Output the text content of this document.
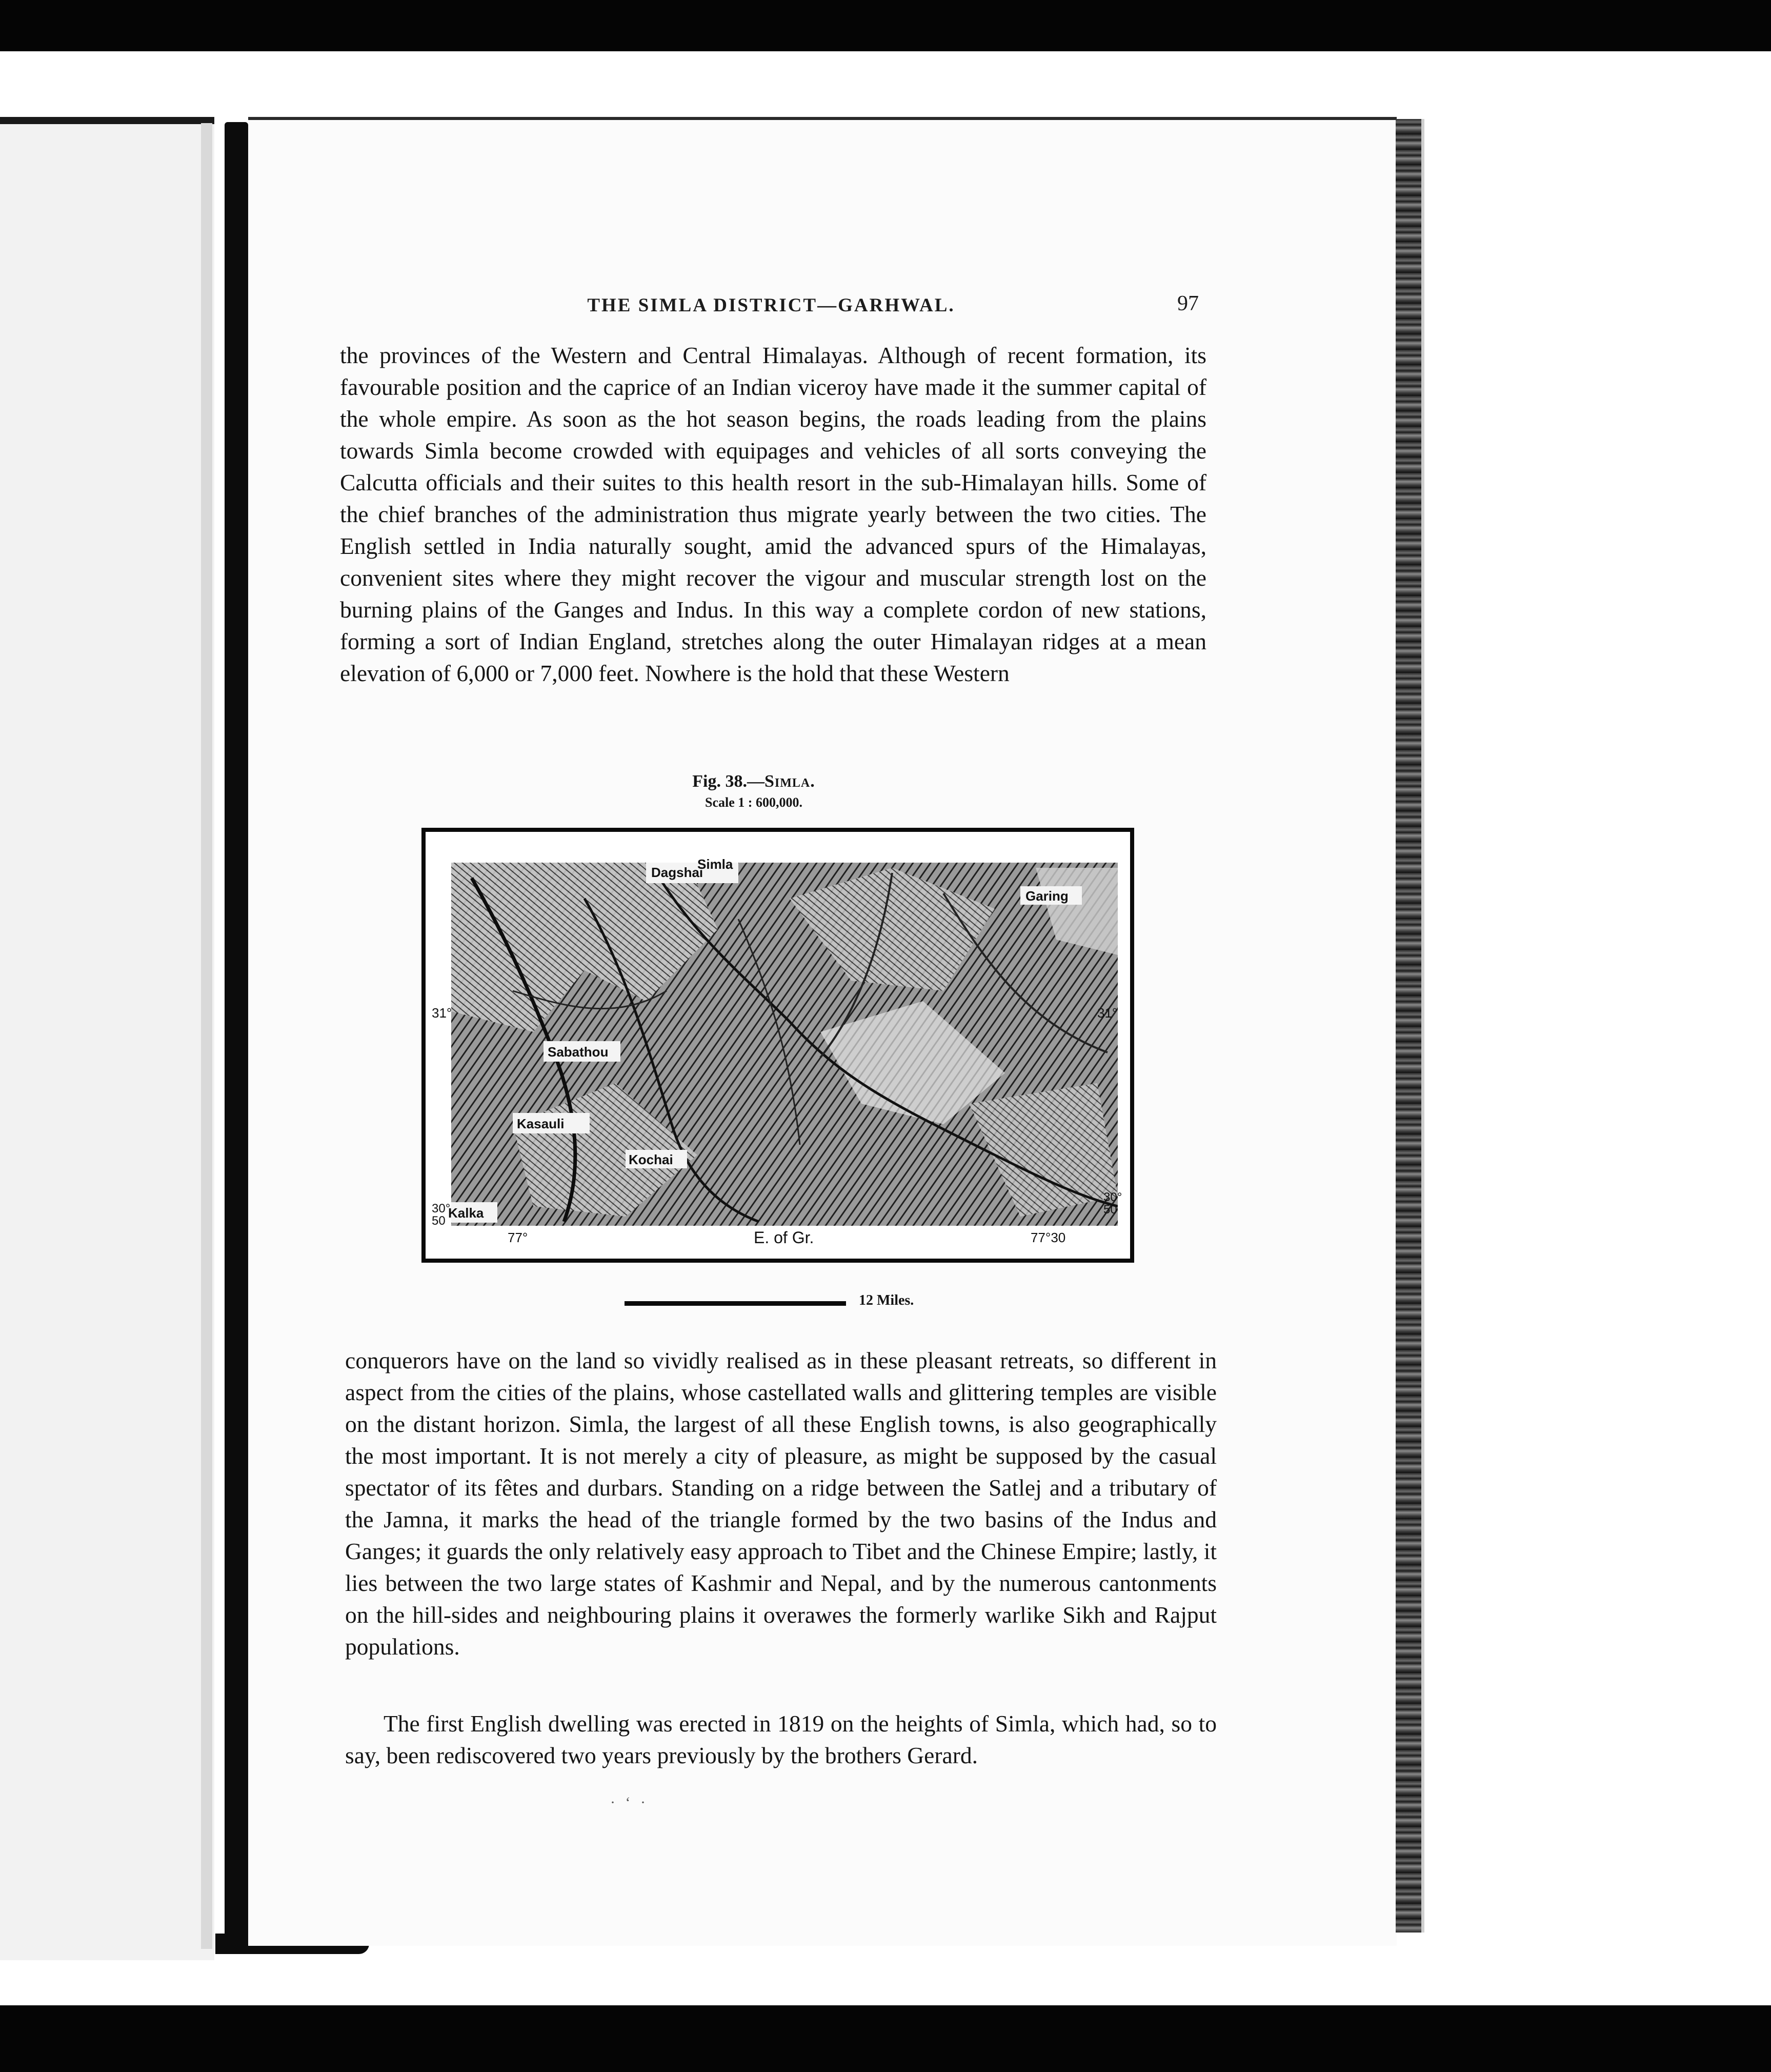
THE SIMLA DISTRICT—GARHWAL.	97
the provinces of the Western and Central Himalayas. Although of recent formation, its favourable position and the caprice of an Indian viceroy have made it the summer capital of the whole empire. As soon as the hot season begins, the roads leading from the plains towards Simla become crowded with equipages and vehicles of all sorts conveying the Calcutta officials and their suites to this health resort in the sub-Himalayan hills. Some of the chief branches of the administration thus migrate yearly between the two cities. The English settled in India naturally sought, amid the advanced spurs of the Himalayas, convenient sites where they might recover the vigour and muscular strength lost on the burning plains of the Ganges and Indus. In this way a complete cordon of new stations, forming a sort of Indian England, stretches along the outer Himalayan ridges at a mean elevation of 6,000 or 7,000 feet. Nowhere is the hold that these Western
Fig. 38.—Simla.
Scale 1 : 600,000.
Dagshai
Simla
Garing
Sabathou
Kasauli
Kochai
Kalka
31°	31°
30°
50
30°
50
77°	E. of Gr.	77°30
12 Miles.
conquerors have on the land so vividly realised as in these pleasant retreats, so different in aspect from the cities of the plains, whose castellated walls and glittering temples are visible on the distant horizon. Simla, the largest of all these English towns, is also geographically the most important. It is not merely a city of pleasure, as might be supposed by the casual spectator of its fêtes and durbars. Standing on a ridge between the Satlej and a tributary of the Jamna, it marks the head of the triangle formed by the two basins of the Indus and Ganges; it guards the only relatively easy approach to Tibet and the Chinese Empire; lastly, it lies between the two large states of Kashmir and Nepal, and by the numerous cantonments on the hill-sides and neighbouring plains it overawes the formerly warlike Sikh and Rajput populations.
The first English dwelling was erected in 1819 on the heights of Simla, which had, so to say, been rediscovered two years previously by the brothers Gerard.
· ‘ ·
